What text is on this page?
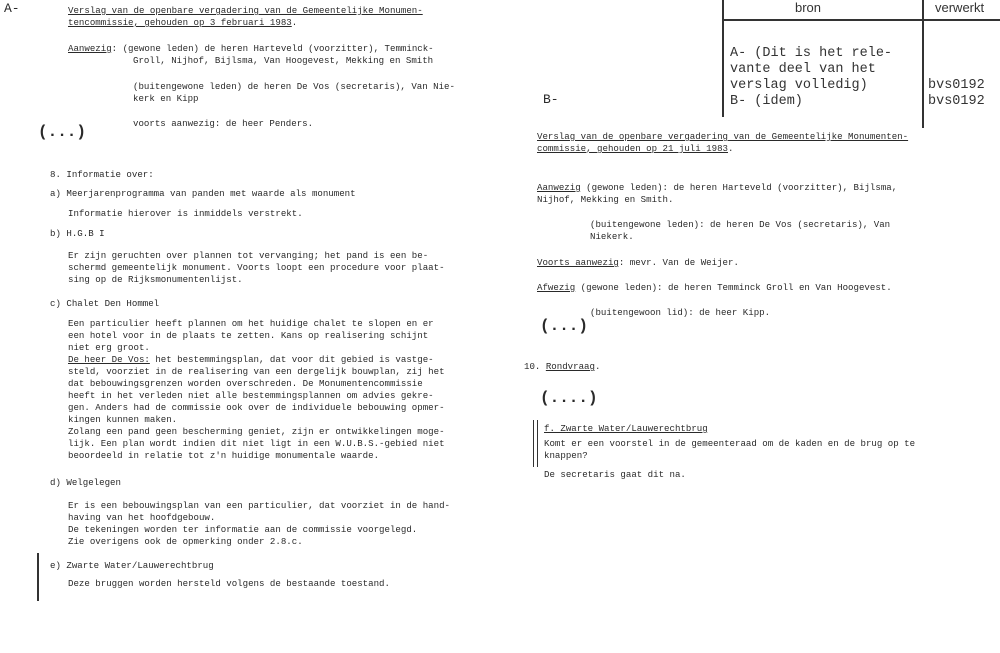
A-	Verslag van de openbare vergadering van de Gemeentelijke Monumen-
tencommissie, gehouden op 3 februari 1983.
Aanwezig: (gewone leden) de heren Harteveld (voorzitter), Temminck-
Groll, Nijhof, Bijlsma, Van Hoogevest, Mekking en Smith
(buitengewone leden) de heren De Vos (secretaris), Van Nie-
kerk en Kipp
voorts aanwezig: de heer Penders.
(...)
8. Informatie over:
a) Meerjarenprogramma van panden met waarde als monument
Informatie hierover is inmiddels verstrekt.
b) H.G.B I
Er zijn geruchten over plannen tot vervanging; het pand is een be-
schermd gemeentelijk monument. Voorts loopt een procedure voor plaat-
sing op de Rijksmonumentenlijst.
c) Chalet Den Hommel
Een particulier heeft plannen om het huidige chalet te slopen en er
een hotel voor in de plaats te zetten. Kans op realisering schijnt
niet erg groot.
De heer De Vos: het bestemmingsplan, dat voor dit gebied is vastge-
steld, voorziet in de realisering van een dergelijk bouwplan, zij het
dat bebouwingsgrenzen worden overschreden. De Monumentencommissie
heeft in het verleden niet alle bestemmingsplannen om advies gekre-
gen. Anders had de commissie ook over de individuele bebouwing opmer-
kingen kunnen maken.
Zolang een pand geen bescherming geniet, zijn er ontwikkelingen moge-
lijk. Een plan wordt indien dit niet ligt in een W.U.B.S.-gebied niet
beoordeeld in relatie tot z'n huidige monumentale waarde.
d) Welgelegen
Er is een bebouwingsplan van een particulier, dat voorziet in de hand-
having van het hoofdgebouw.
De tekeningen worden ter informatie aan de commissie voorgelegd.
Zie overigens ook de opmerking onder 2.8.c.
e) Zwarte Water/Lauwerechtbrug
Deze bruggen worden hersteld volgens de bestaande toestand.
bron	verwerkt
A- (Dit is het rele-
vante deel van het
verslag volledig)
B- (idem)
bvs0192
bvs0192
B-
Verslag van de openbare vergadering van de Gemeentelijke Monumenten-
commissie, gehouden op 21 juli 1983.
Aanwezig (gewone leden): de heren Harteveld (voorzitter), Bijlsma,
Nijhof, Mekking en Smith.
(buitengewone leden): de heren De Vos (secretaris), Van
Niekerk.
Voorts aanwezig: mevr. Van de Weijer.
Afwezig (gewone leden): de heren Temminck Groll en Van Hoogevest.
(buitengewoon lid): de heer Kipp.
(...)
10. Rondvraag.
(....)
f. Zwarte Water/Lauwerechtbrug
Komt er een voorstel in de gemeenteraad om de kaden en de brug op te
knappen?
De secretaris gaat dit na.
